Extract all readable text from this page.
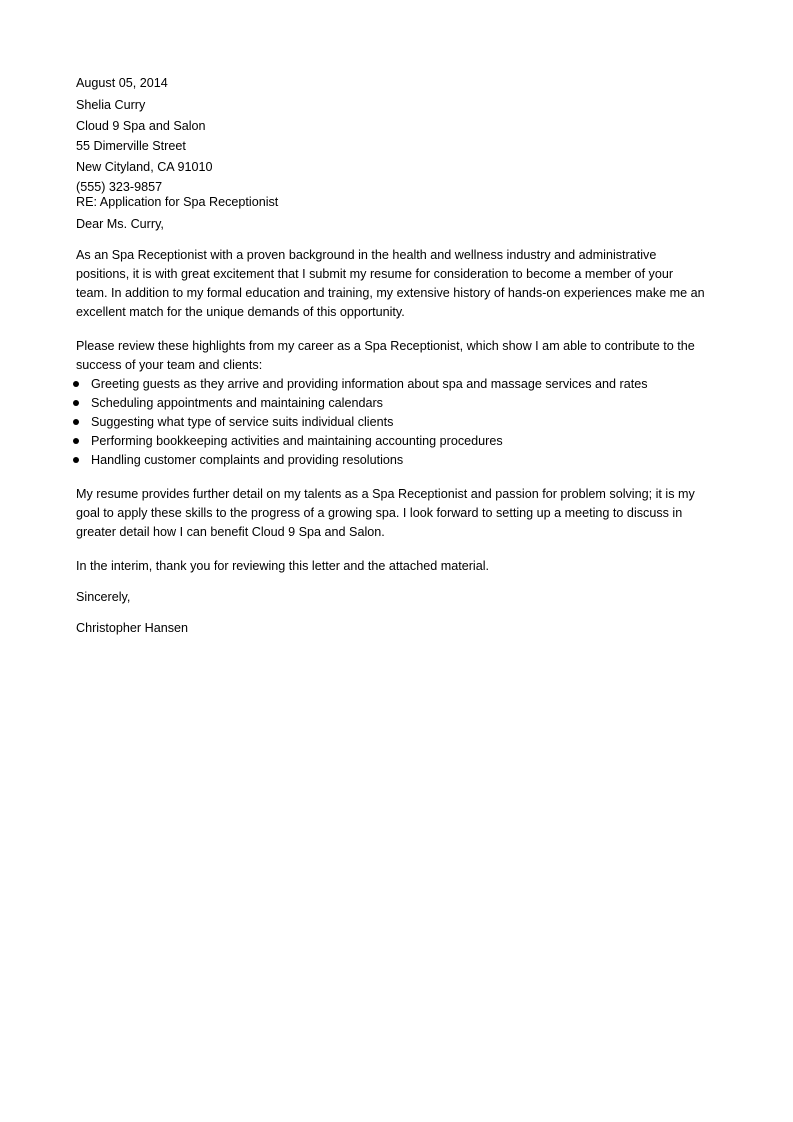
August 05, 2014
Shelia Curry
Cloud 9 Spa and Salon
55 Dimerville Street
New Cityland, CA 91010
(555) 323-9857
RE: Application for Spa Receptionist
Dear Ms. Curry,

As an Spa Receptionist with a proven background in the health and wellness industry and administrative positions, it is with great excitement that I submit my resume for consideration to become a member of your team. In addition to my formal education and training, my extensive history of hands-on experiences make me an excellent match for the unique demands of this opportunity.

Please review these highlights from my career as a Spa Receptionist, which show I am able to contribute to the success of your team and clients:

Greeting guests as they arrive and providing information about spa and massage services and rates
Scheduling appointments and maintaining calendars
Suggesting what type of service suits individual clients
Performing bookkeeping activities and maintaining accounting procedures
Handling customer complaints and providing resolutions

My resume provides further detail on my talents as a Spa Receptionist and passion for problem solving; it is my goal to apply these skills to the progress of a growing spa. I look forward to setting up a meeting to discuss in greater detail how I can benefit Cloud 9 Spa and Salon.

In the interim, thank you for reviewing this letter and the attached material.
Sincerely,
Christopher Hansen
